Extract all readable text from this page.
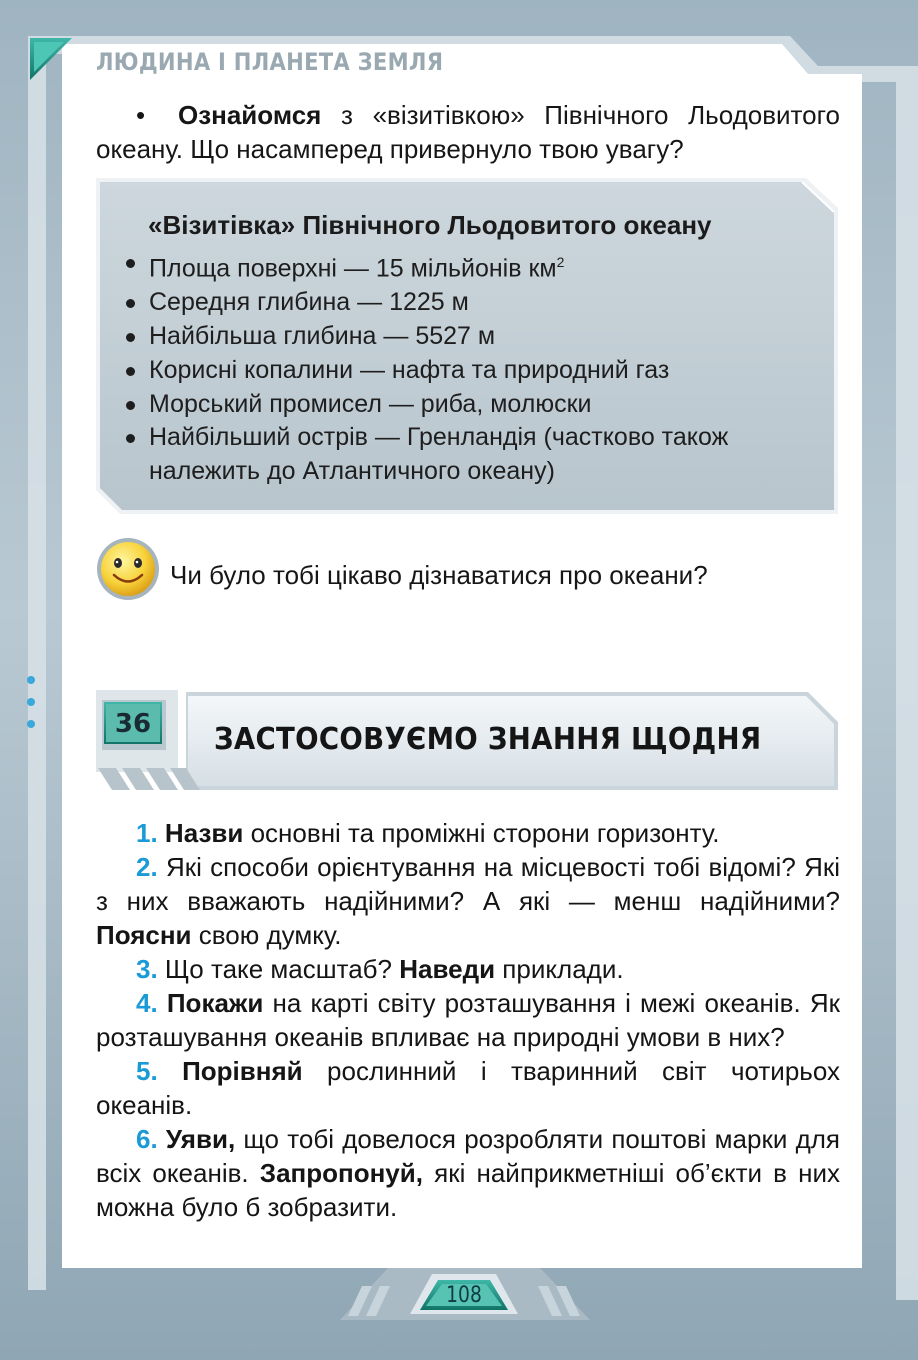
ЛЮДИНА І ПЛАНЕТА ЗЕМЛЯ

• Ознайомся з «візитівкою» Північного Льодовитого океану. Що насамперед привернуло твою увагу?

«Візитівка» Північного Льодовитого океану
Площа поверхні — 15 мільйонів $км^2$
Середня глибина — 1225 м
Найбільша глибина — 5527 м
Корисні копалини — нафта та природний газ
Морський промисел — риба, молюски
Найбільший острів — Гренландія (частково також належить до Атлантичного океану)
Чи було тобі цікаво дізнаватися про океани?
36	ЗАСТОСОВУЄМО ЗНАННЯ ЩОДНЯ

1. Назви основні та проміжні сторони горизонту.

2. Які способи орієнтування на місцевості тобі відомі? Які з них вважають надійними? А які — менш надійними? Поясни свою думку.

3. Що таке масштаб? Наведи приклади.

4. Покажи на карті світу розташування і межі океанів. Як розташування океанів впливає на природні умови в них?

5. Порівняй рослинний і тваринний світ чотирьох океанів.

6. Уяви, що тобі довелося розробляти поштові марки для всіх океанів. Запропонуй, які найприкметніші об’єкти в них можна було б зобразити.

108
